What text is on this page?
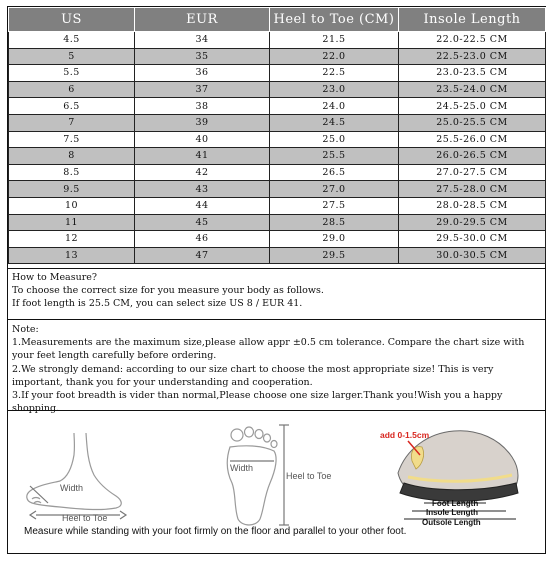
US	EUR	Heel to Toe (CM)	Insole Length
4.5	34	21.5	22.0-22.5 CM
5	35	22.0	22.5-23.0 CM
5.5	36	22.5	23.0-23.5 CM
6	37	23.0	23.5-24.0 CM
6.5	38	24.0	24.5-25.0 CM
7	39	24.5	25.0-25.5 CM
7.5	40	25.0	25.5-26.0 CM
8	41	25.5	26.0-26.5 CM
8.5	42	26.5	27.0-27.5 CM
9.5	43	27.0	27.5-28.0 CM
10	44	27.5	28.0-28.5 CM
11	45	28.5	29.0-29.5 CM
12	46	29.0	29.5-30.0 CM
13	47	29.5	30.0-30.5 CM

How to Measure?

To choose the correct size for you measure your body as follows.

If foot length is 25.5 CM, you can select size US 8 / EUR 41.

Note:

1.Measurements are the maximum size,please allow appr ±0.5 cm tolerance. Compare the chart size with your feet length carefully before ordering.

2.We strongly demand: according to our size chart to choose the most appropriate size! This is very important, thank you for your understanding and cooperation.

3.If your foot breadth is vider than normal,Please choose one size larger.Thank you!Wish you a happy shopping.

Width
Heel to Toe
Width
Heel to Toe
add 0-1.5cm
Foot Length
Insole Length
Outsole Length
Measure while standing with your foot firmly on the floor and parallel to your other foot.
